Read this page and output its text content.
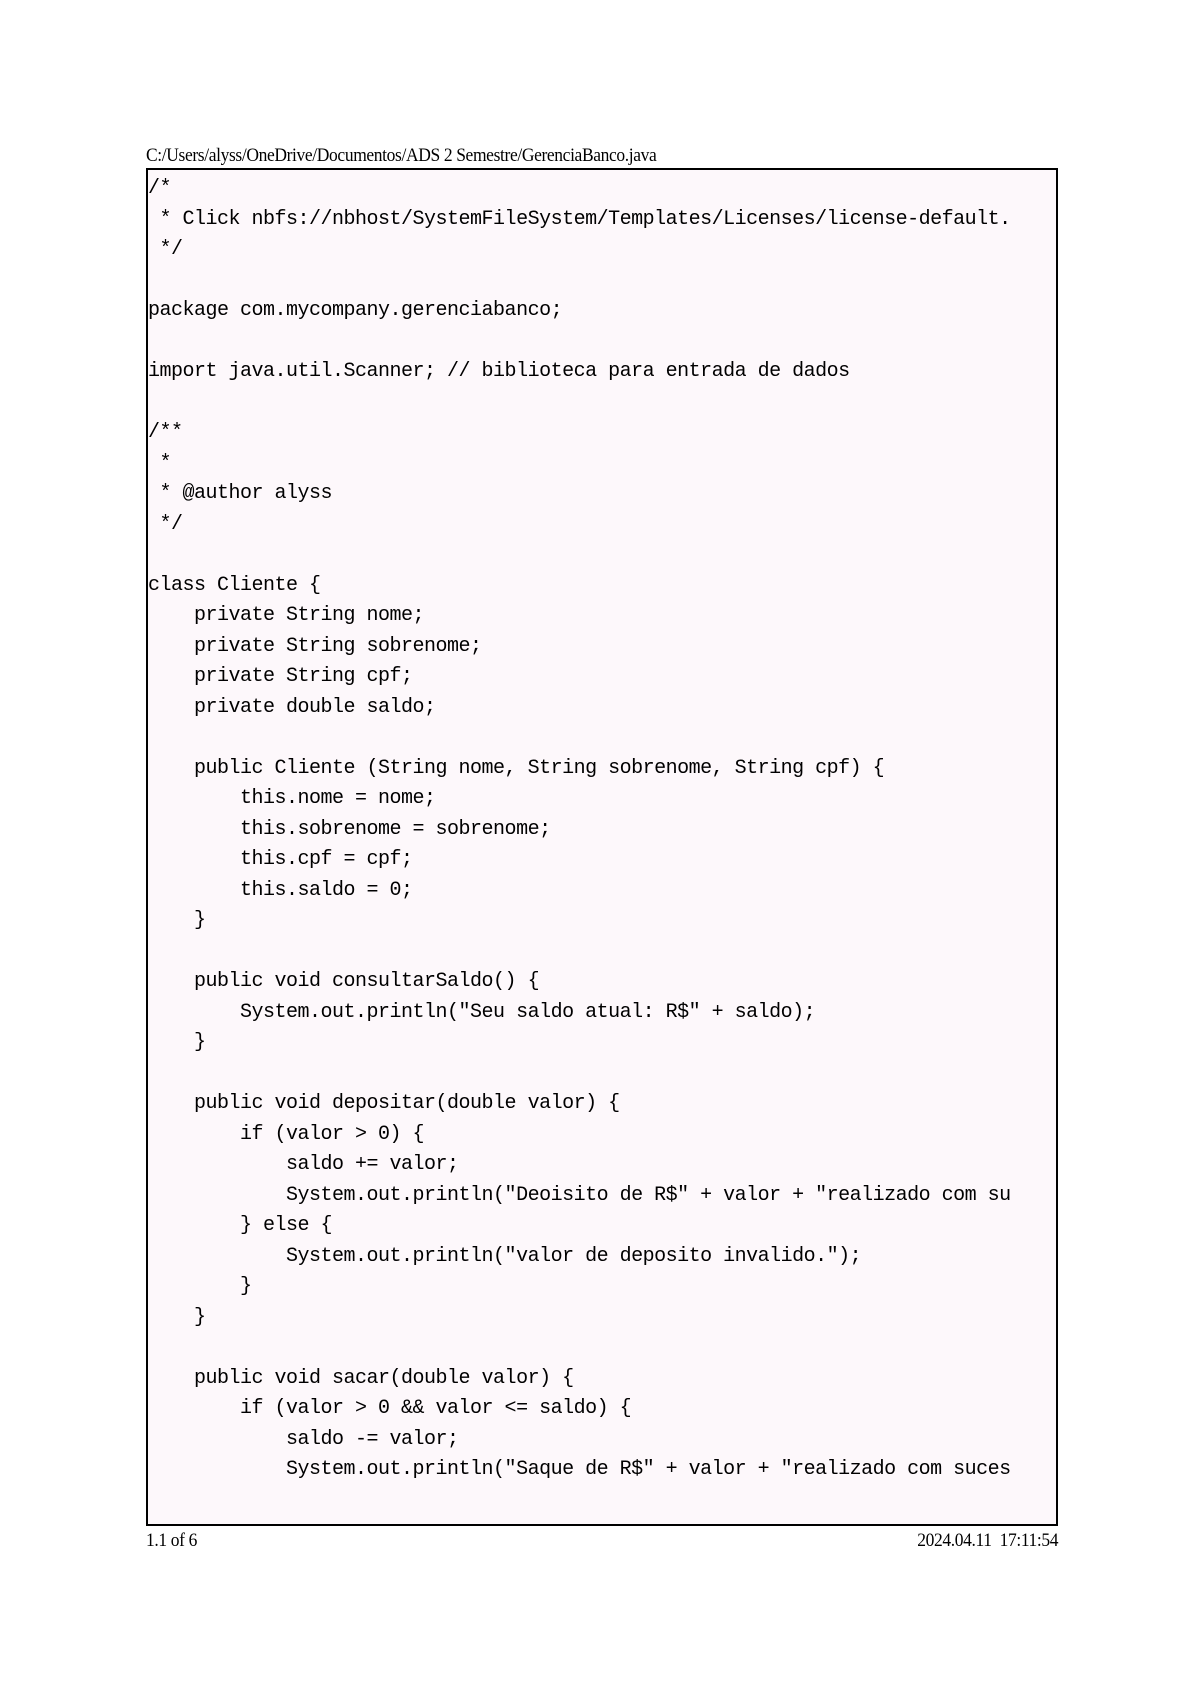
C:/Users/alyss/OneDrive/Documentos/ADS 2 Semestre/GerenciaBanco.java
/*
* Click nbfs://nbhost/SystemFileSystem/Templates/Licenses/license-default.
*/
package com.mycompany.gerenciabanco;
import java.util.Scanner; // biblioteca para entrada de dados
/**
*
* @author alyss
*/
class Cliente {
private String nome;
private String sobrenome;
private String cpf;
private double saldo;
public Cliente (String nome, String sobrenome, String cpf) {
this.nome = nome;
this.sobrenome = sobrenome;
this.cpf = cpf;
this.saldo = 0;
}
public void consultarSaldo() {
System.out.println("Seu saldo atual: R$" + saldo);
}
public void depositar(double valor) {
if (valor > 0) {
saldo += valor;
System.out.println("Deoisito de R$" + valor + "realizado com su
} else {
System.out.println("valor de deposito invalido.");
}
}
public void sacar(double valor) {
if (valor > 0 && valor <= saldo) {
saldo -= valor;
System.out.println("Saque de R$" + valor + "realizado com suces
1.1 of 6	2024.04.11  17:11:54
